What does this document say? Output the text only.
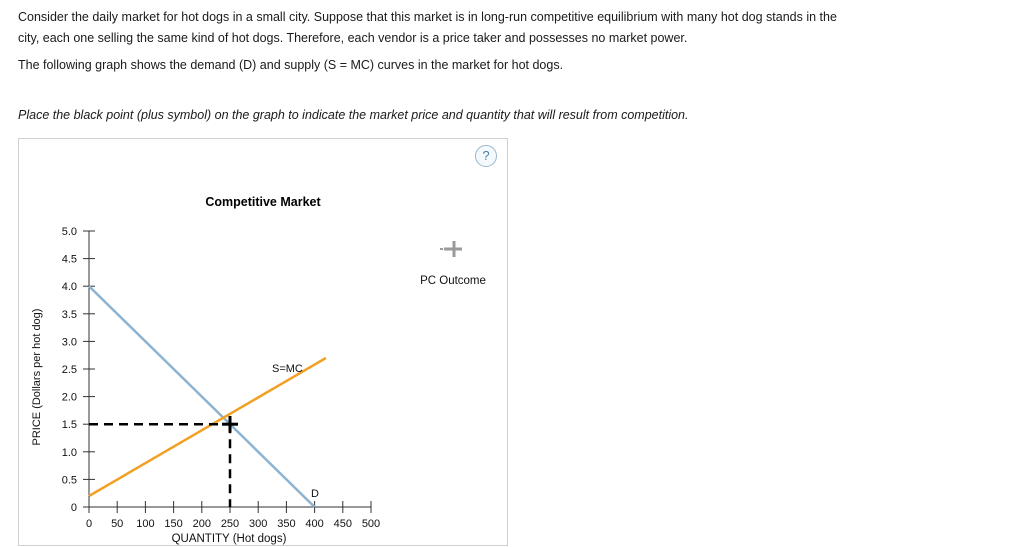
Consider the daily market for hot dogs in a small city. Suppose that this market is in long-run competitive equilibrium with many hot dog stands in the city, each one selling the same kind of hot dogs. Therefore, each vendor is a price taker and possesses no market power.

The following graph shows the demand (D) and supply (S = MC) curves in the market for hot dogs.

Place the black point (plus symbol) on the graph to indicate the market price and quantity that will result from competition.
?
Competitive Market
5.0
4.5
4.0
3.5
3.0
2.5
2.0
1.5
1.0
0.5
0
0 50 100 150 200 250 300 350 400 450 500
D
S=MC
PC Outcome
PRICE (Dollars per hot dog)
QUANTITY (Hot dogs)
